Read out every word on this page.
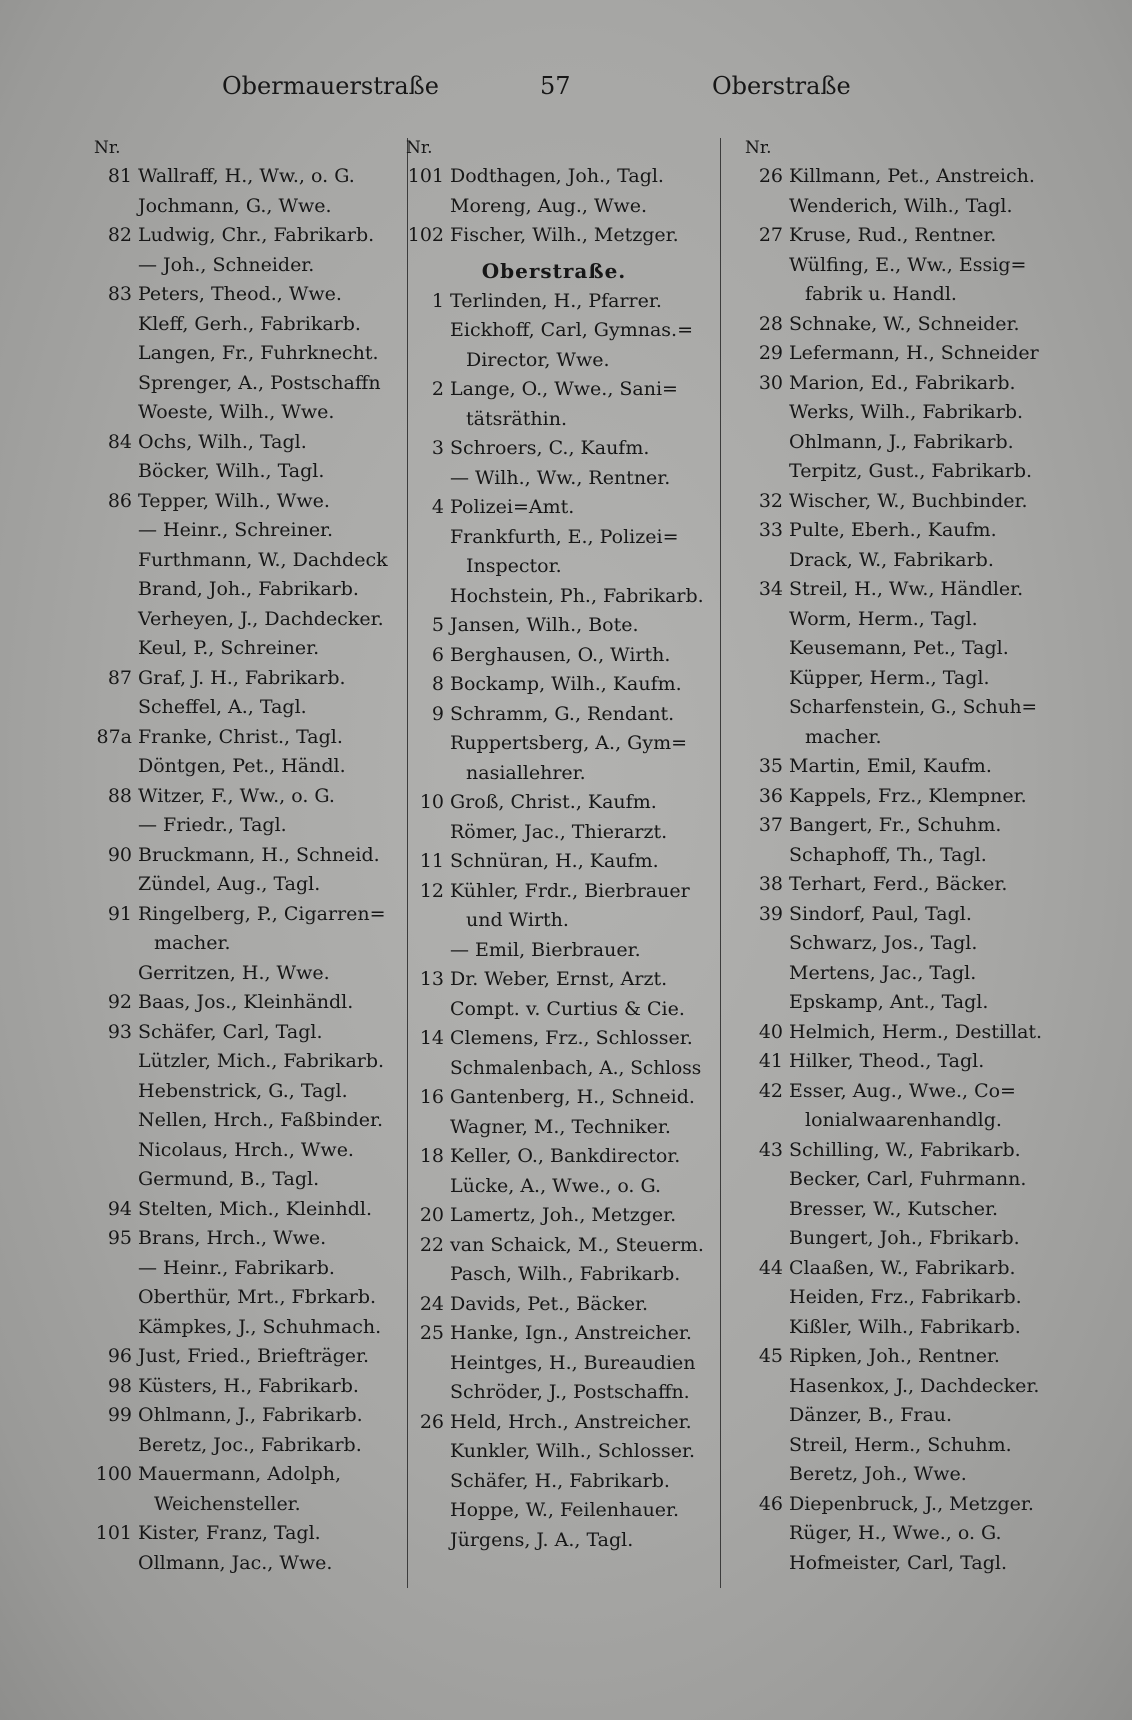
Obermauerstraße	57	Oberstraße
Nr.
81 Wallraff, H., Ww., o. G.
Jochmann, G., Wwe.
82 Ludwig, Chr., Fabrikarb.
— Joh., Schneider.
83 Peters, Theod., Wwe.
Kleff, Gerh., Fabrikarb.
Langen, Fr., Fuhrknecht.
Sprenger, A., Postschaffn
Woeste, Wilh., Wwe.
84 Ochs, Wilh., Tagl.
Böcker, Wilh., Tagl.
86 Tepper, Wilh., Wwe.
— Heinr., Schreiner.
Furthmann, W., Dachdeck
Brand, Joh., Fabrikarb.
Verheyen, J., Dachdecker.
Keul, P., Schreiner.
87 Graf, J. H., Fabrikarb.
Scheffel, A., Tagl.
87a Franke, Christ., Tagl.
Döntgen, Pet., Händl.
88 Witzer, F., Ww., o. G.
— Friedr., Tagl.
90 Bruckmann, H., Schneid.
Zündel, Aug., Tagl.
91 Ringelberg, P., Cigarren=
macher.
Gerritzen, H., Wwe.
92 Baas, Jos., Kleinhändl.
93 Schäfer, Carl, Tagl.
Lützler, Mich., Fabrikarb.
Hebenstrick, G., Tagl.
Nellen, Hrch., Faßbinder.
Nicolaus, Hrch., Wwe.
Germund, B., Tagl.
94 Stelten, Mich., Kleinhdl.
95 Brans, Hrch., Wwe.
— Heinr., Fabrikarb.
Oberthür, Mrt., Fbrkarb.
Kämpkes, J., Schuhmach.
96 Just, Fried., Briefträger.
98 Küsters, H., Fabrikarb.
99 Ohlmann, J., Fabrikarb.
Beretz, Joc., Fabrikarb.
100 Mauermann, Adolph,
Weichensteller.
101 Kister, Franz, Tagl.
Ollmann, Jac., Wwe.
Nr.
101 Dodthagen, Joh., Tagl.
Moreng, Aug., Wwe.
102 Fischer, Wilh., Metzger.
Oberstraße.
1 Terlinden, H., Pfarrer.
Eickhoff, Carl, Gymnas.=
Director, Wwe.
2 Lange, O., Wwe., Sani=
tätsräthin.
3 Schroers, C., Kaufm.
— Wilh., Ww., Rentner.
4 Polizei=Amt.
Frankfurth, E., Polizei=
Inspector.
Hochstein, Ph., Fabrikarb.
5 Jansen, Wilh., Bote.
6 Berghausen, O., Wirth.
8 Bockamp, Wilh., Kaufm.
9 Schramm, G., Rendant.
Ruppertsberg, A., Gym=
nasiallehrer.
10 Groß, Christ., Kaufm.
Römer, Jac., Thierarzt.
11 Schnüran, H., Kaufm.
12 Kühler, Frdr., Bierbrauer
und Wirth.
— Emil, Bierbrauer.
13 Dr. Weber, Ernst, Arzt.
Compt. v. Curtius & Cie.
14 Clemens, Frz., Schlosser.
Schmalenbach, A., Schloss
16 Gantenberg, H., Schneid.
Wagner, M., Techniker.
18 Keller, O., Bankdirector.
Lücke, A., Wwe., o. G.
20 Lamertz, Joh., Metzger.
22 van Schaick, M., Steuerm.
Pasch, Wilh., Fabrikarb.
24 Davids, Pet., Bäcker.
25 Hanke, Ign., Anstreicher.
Heintges, H., Bureaudien
Schröder, J., Postschaffn.
26 Held, Hrch., Anstreicher.
Kunkler, Wilh., Schlosser.
Schäfer, H., Fabrikarb.
Hoppe, W., Feilenhauer.
Jürgens, J. A., Tagl.
Nr.
26 Killmann, Pet., Anstreich.
Wenderich, Wilh., Tagl.
27 Kruse, Rud., Rentner.
Wülfing, E., Ww., Essig=
fabrik u. Handl.
28 Schnake, W., Schneider.
29 Lefermann, H., Schneider
30 Marion, Ed., Fabrikarb.
Werks, Wilh., Fabrikarb.
Ohlmann, J., Fabrikarb.
Terpitz, Gust., Fabrikarb.
32 Wischer, W., Buchbinder.
33 Pulte, Eberh., Kaufm.
Drack, W., Fabrikarb.
34 Streil, H., Ww., Händler.
Worm, Herm., Tagl.
Keusemann, Pet., Tagl.
Küpper, Herm., Tagl.
Scharfenstein, G., Schuh=
macher.
35 Martin, Emil, Kaufm.
36 Kappels, Frz., Klempner.
37 Bangert, Fr., Schuhm.
Schaphoff, Th., Tagl.
38 Terhart, Ferd., Bäcker.
39 Sindorf, Paul, Tagl.
Schwarz, Jos., Tagl.
Mertens, Jac., Tagl.
Epskamp, Ant., Tagl.
40 Helmich, Herm., Destillat.
41 Hilker, Theod., Tagl.
42 Esser, Aug., Wwe., Co=
lonialwaarenhandlg.
43 Schilling, W., Fabrikarb.
Becker, Carl, Fuhrmann.
Bresser, W., Kutscher.
Bungert, Joh., Fbrikarb.
44 Claaßen, W., Fabrikarb.
Heiden, Frz., Fabrikarb.
Kißler, Wilh., Fabrikarb.
45 Ripken, Joh., Rentner.
Hasenkox, J., Dachdecker.
Dänzer, B., Frau.
Streil, Herm., Schuhm.
Beretz, Joh., Wwe.
46 Diepenbruck, J., Metzger.
Rüger, H., Wwe., o. G.
Hofmeister, Carl, Tagl.
